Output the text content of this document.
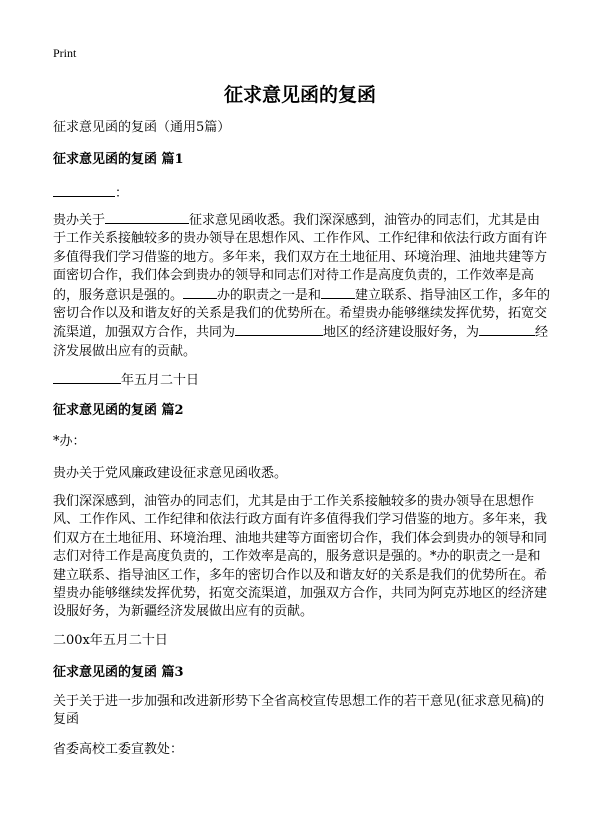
Print
征求意见函的复函
征求意见函的复函（通用5篇）
征求意见函的复函 篇1
：
贵办关于	征求意见函收悉。我们深深感到，油管办的同志们，尤其是由于工作关系接触较多的贵办领导在思想作风、工作作风、工作纪律和依法行政方面有许多值得我们学习借鉴的地方。多年来，我们双方在土地征用、环境治理、油地共建等方面密切合作，我们体会到贵办的领导和同志们对待工作是高度负责的，工作效率是高的，服务意识是强的。	办的职责之一是和	建立联系、指导油区工作，多年的密切合作以及和谐友好的关系是我们的优势所在。希望贵办能够继续发挥优势，拓宽交流渠道，加强双方合作，共同为	地区的经济建设服好务，为	经济发展做出应有的贡献。
年五月二十日
征求意见函的复函 篇2
*办：
贵办关于党风廉政建设征求意见函收悉。
我们深深感到，油管办的同志们，尤其是由于工作关系接触较多的贵办领导在思想作风、工作作风、工作纪律和依法行政方面有许多值得我们学习借鉴的地方。多年来，我们双方在土地征用、环境治理、油地共建等方面密切合作，我们体会到贵办的领导和同志们对待工作是高度负责的，工作效率是高的，服务意识是强的。*办的职责之一是和建立联系、指导油区工作，多年的密切合作以及和谐友好的关系是我们的优势所在。希望贵办能够继续发挥优势，拓宽交流渠道，加强双方合作，共同为阿克苏地区的经济建设服好务，为新疆经济发展做出应有的贡献。
二00x年五月二十日
征求意见函的复函 篇3
关于关于进一步加强和改进新形势下全省高校宣传思想工作的若干意见(征求意见稿)的复函
省委高校工委宣教处：
